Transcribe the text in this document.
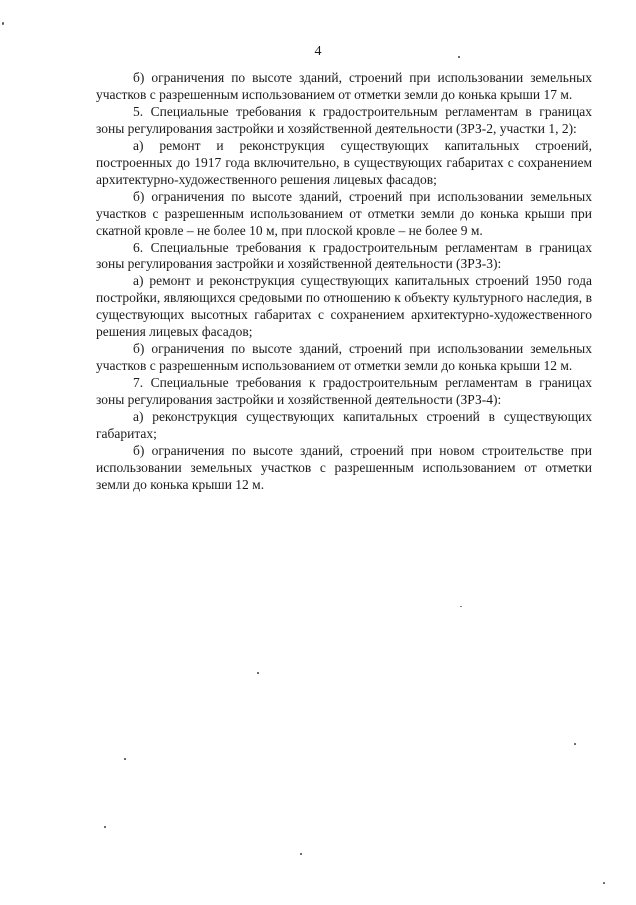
4

б) ограничения по высоте зданий, строений при использовании земельных участков с разрешенным использованием от отметки земли до конька крыши 17 м.

5. Специальные требования к градостроительным регламентам в границах зоны регулирования застройки и хозяйственной деятельности (ЗРЗ-2, участки 1, 2):

а) ремонт и реконструкция существующих капитальных строений, построенных до 1917 года включительно, в существующих габаритах с сохранением архитектурно-художественного решения лицевых фасадов;

б) ограничения по высоте зданий, строений при использовании земельных участков с разрешенным использованием от отметки земли до конька крыши при скатной кровле – не более 10 м, при плоской кровле – не более 9 м.

6. Специальные требования к градостроительным регламентам в границах зоны регулирования застройки и хозяйственной деятельности (ЗРЗ-3):

а) ремонт и реконструкция существующих капитальных строений 1950 года постройки, являющихся средовыми по отношению к объекту культурного наследия, в существующих высотных габаритах с сохранением архитектурно-художественного решения лицевых фасадов;

б) ограничения по высоте зданий, строений при использовании земельных участков с разрешенным использованием от отметки земли до конька крыши 12 м.

7. Специальные требования к градостроительным регламентам в границах зоны регулирования застройки и хозяйственной деятельности (ЗРЗ-4):

а) реконструкция существующих капитальных строений в существующих габаритах;

б) ограничения по высоте зданий, строений при новом строительстве при использовании земельных участков с разрешенным использованием от отметки земли до конька крыши 12 м.
